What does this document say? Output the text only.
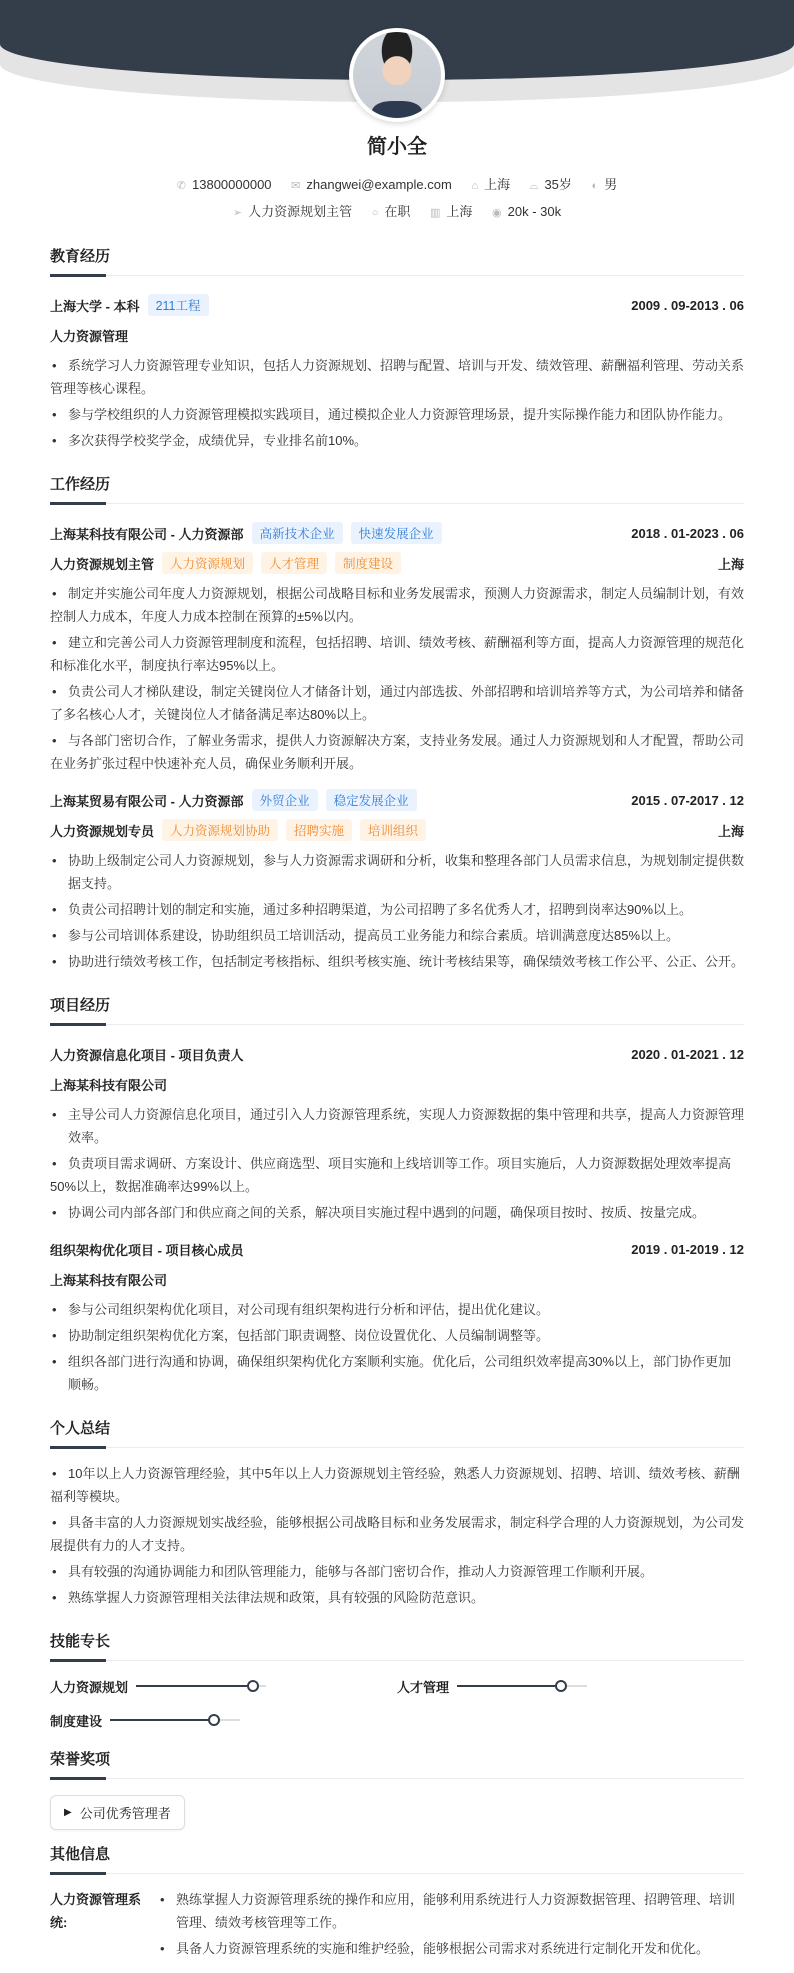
简小全
✆ 13800000000 ✉ zhangwei@example.com ⌂ 上海 ⌓ 35岁 ◐ 男
➢ 人力资源规划主管 ○ 在职 ▥ 上海 ◉ 20k - 30k
教育经历
上海大学 - 本科	211工程	2009 . 09-2013 . 06
人力资源管理
• 系统学习人力资源管理专业知识，包括人力资源规划、招聘与配置、培训与开发、绩效管理、薪酬福利管理、劳动关系管理等核心课程。
• 参与学校组织的人力资源管理模拟实践项目，通过模拟企业人力资源管理场景，提升实际操作能力和团队协作能力。
• 多次获得学校奖学金，成绩优异，专业排名前10%。
工作经历
上海某科技有限公司 - 人力资源部	高新技术企业	快速发展企业	2018 . 01-2023 . 06
人力资源规划主管	人力资源规划	人才管理	制度建设	上海
• 制定并实施公司年度人力资源规划，根据公司战略目标和业务发展需求，预测人力资源需求，制定人员编制计划，有效控制人力成本，年度人力成本控制在预算的±5%以内。
• 建立和完善公司人力资源管理制度和流程，包括招聘、培训、绩效考核、薪酬福利等方面，提高人力资源管理的规范化和标准化水平，制度执行率达95%以上。
• 负责公司人才梯队建设，制定关键岗位人才储备计划，通过内部选拔、外部招聘和培训培养等方式，为公司培养和储备了多名核心人才，关键岗位人才储备满足率达80%以上。
• 与各部门密切合作，了解业务需求，提供人力资源解决方案，支持业务发展。通过人力资源规划和人才配置，帮助公司在业务扩张过程中快速补充人员，确保业务顺利开展。
上海某贸易有限公司 - 人力资源部	外贸企业	稳定发展企业	2015 . 07-2017 . 12
人力资源规划专员	人力资源规划协助	招聘实施	培训组织	上海
• 协助上级制定公司人力资源规划，参与人力资源需求调研和分析，收集和整理各部门人员需求信息，为规划制定提供数据支持。
• 负责公司招聘计划的制定和实施，通过多种招聘渠道，为公司招聘了多名优秀人才，招聘到岗率达90%以上。
• 参与公司培训体系建设，协助组织员工培训活动，提高员工业务能力和综合素质。培训满意度达85%以上。
• 协助进行绩效考核工作，包括制定考核指标、组织考核实施、统计考核结果等，确保绩效考核工作公平、公正、公开。
项目经历
人力资源信息化项目 - 项目负责人	2020 . 01-2021 . 12
上海某科技有限公司
• 主导公司人力资源信息化项目，通过引入人力资源管理系统，实现人力资源数据的集中管理和共享，提高人力资源管理效率。
• 负责项目需求调研、方案设计、供应商选型、项目实施和上线培训等工作。项目实施后，人力资源数据处理效率提高50%以上，数据准确率达99%以上。
• 协调公司内部各部门和供应商之间的关系，解决项目实施过程中遇到的问题，确保项目按时、按质、按量完成。
组织架构优化项目 - 项目核心成员	2019 . 01-2019 . 12
上海某科技有限公司
• 参与公司组织架构优化项目，对公司现有组织架构进行分析和评估，提出优化建议。
• 协助制定组织架构优化方案，包括部门职责调整、岗位设置优化、人员编制调整等。
• 组织各部门进行沟通和协调，确保组织架构优化方案顺利实施。优化后，公司组织效率提高30%以上，部门协作更加顺畅。
个人总结
• 10年以上人力资源管理经验，其中5年以上人力资源规划主管经验，熟悉人力资源规划、招聘、培训、绩效考核、薪酬福利等模块。
• 具备丰富的人力资源规划实战经验，能够根据公司战略目标和业务发展需求，制定科学合理的人力资源规划，为公司发展提供有力的人才支持。
• 具有较强的沟通协调能力和团队管理能力，能够与各部门密切合作，推动人力资源管理工作顺利开展。
• 熟练掌握人力资源管理相关法律法规和政策，具有较强的风险防范意识。
技能专长
人力资源规划	人才管理
制度建设
荣誉奖项
▶ 公司优秀管理者
其他信息
人力资源管理系统:
• 熟练掌握人力资源管理系统的操作和应用，能够利用系统进行人力资源数据管理、招聘管理、培训管理、绩效考核管理等工作。
• 具备人力资源管理系统的实施和维护经验，能够根据公司需求对系统进行定制化开发和优化。
